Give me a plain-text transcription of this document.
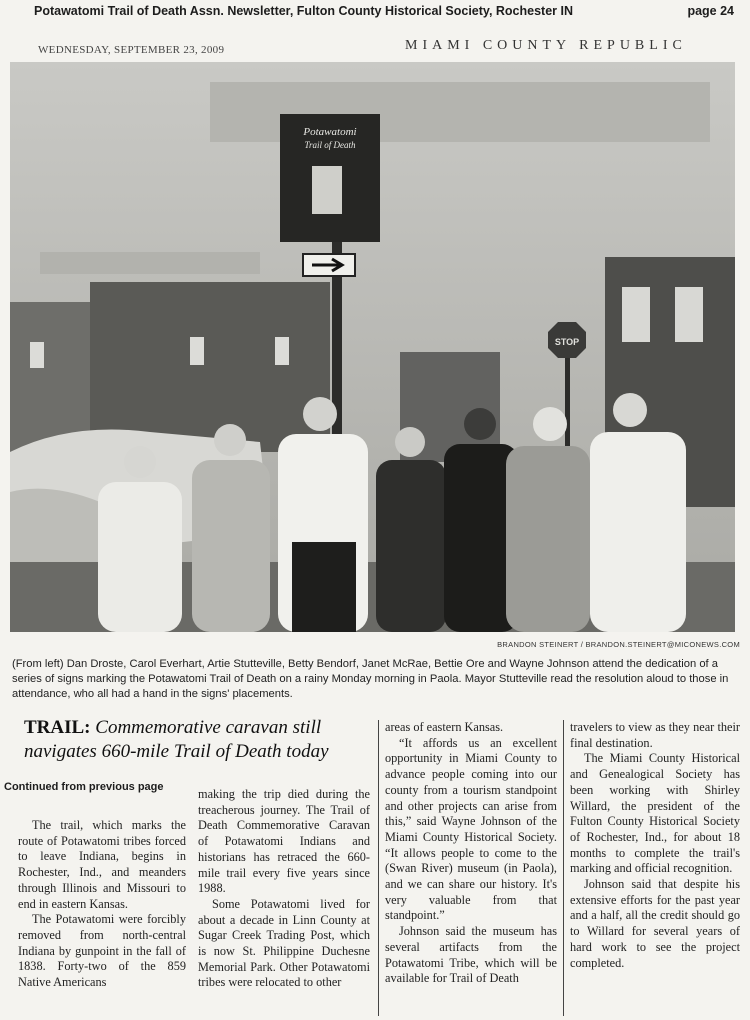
Potawatomi Trail of Death Assn. Newsletter, Fulton County Historical Society, Rochester IN	page 24
WEDNESDAY, SEPTEMBER 23, 2009	MIAMI COUNTY REPUBLIC
Potawatomi
Trail of Death
STOP
BRANDON STEINERT / BRANDON.STEINERT@MICONEWS.COM
(From left) Dan Droste, Carol Everhart, Artie Stutteville, Betty Bendorf, Janet McRae, Bettie Ore and Wayne Johnson attend the dedication of a series of signs marking the Potawatomi Trail of Death on a rainy Monday morning in Paola. Mayor Stutteville read the resolution aloud to those in attendance, who all had a hand in the signs' placements.
TRAIL: Commemorative caravan still navigates 660-mile Trail of Death today
Continued from previous page

The trail, which marks the route of Potawatomi tribes forced to leave Indiana, begins in Rochester, Ind., and meanders through Illinois and Missouri to end in eastern Kansas.

The Potawatomi were forcibly removed from north-central Indiana by gunpoint in the fall of 1838. Forty-two of the 859 Native Americans

making the trip died during the treacherous journey. The Trail of Death Commemorative Caravan of Potawatomi Indians and historians has retraced the 660-mile trail every five years since 1988.

Some Potawatomi lived for about a decade in Linn County at Sugar Creek Trading Post, which is now St. Philippine Duchesne Memorial Park. Other Potawatomi tribes were relocated to other

areas of eastern Kansas.

“It affords us an excellent opportunity in Miami County to advance people coming into our county from a tourism standpoint and other projects can arise from this,” said Wayne Johnson of the Miami County Historical Society. “It allows people to come to the (Swan River) museum (in Paola), and we can share our history. It's very valuable from that standpoint.”

Johnson said the museum has several artifacts from the Potawatomi Tribe, which will be available for Trail of Death

travelers to view as they near their final destination.

The Miami County Historical and Genealogical Society has been working with Shirley Willard, the president of the Fulton County Historical Society of Rochester, Ind., for about 18 months to complete the trail's marking and official recognition.

Johnson said that despite his extensive efforts for the past year and a half, all the credit should go to Willard for several years of hard work to see the project completed.
